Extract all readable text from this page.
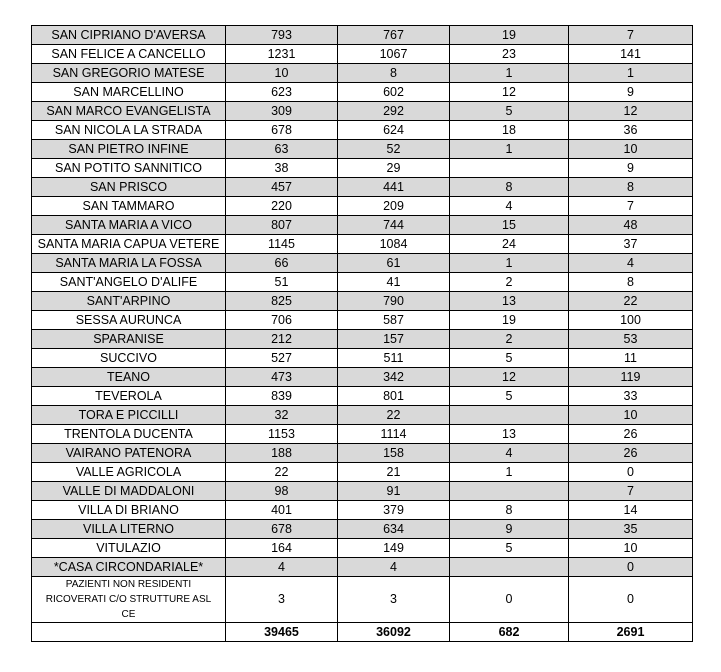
SAN CIPRIANO D'AVERSA	793	767	19	7
SAN FELICE A CANCELLO	1231	1067	23	141
SAN GREGORIO MATESE	10	8	1	1
SAN MARCELLINO	623	602	12	9
SAN MARCO EVANGELISTA	309	292	5	12
SAN NICOLA LA STRADA	678	624	18	36
SAN PIETRO INFINE	63	52	1	10
SAN POTITO SANNITICO	38	29		9
SAN PRISCO	457	441	8	8
SAN TAMMARO	220	209	4	7
SANTA MARIA A VICO	807	744	15	48
SANTA MARIA CAPUA VETERE	1145	1084	24	37
SANTA MARIA LA FOSSA	66	61	1	4
SANT'ANGELO D'ALIFE	51	41	2	8
SANT'ARPINO	825	790	13	22
SESSA AURUNCA	706	587	19	100
SPARANISE	212	157	2	53
SUCCIVO	527	511	5	11
TEANO	473	342	12	119
TEVEROLA	839	801	5	33
TORA E PICCILLI	32	22		10
TRENTOLA DUCENTA	1153	1114	13	26
VAIRANO PATENORA	188	158	4	26
VALLE AGRICOLA	22	21	1	0
VALLE DI MADDALONI	98	91		7
VILLA DI BRIANO	401	379	8	14
VILLA LITERNO	678	634	9	35
VITULAZIO	164	149	5	10
*CASA CIRCONDARIALE*	4	4		0
PAZIENTI NON RESIDENTI RICOVERATI C/O STRUTTURE ASL CE	3	3	0	0
	39465	36092	682	2691
